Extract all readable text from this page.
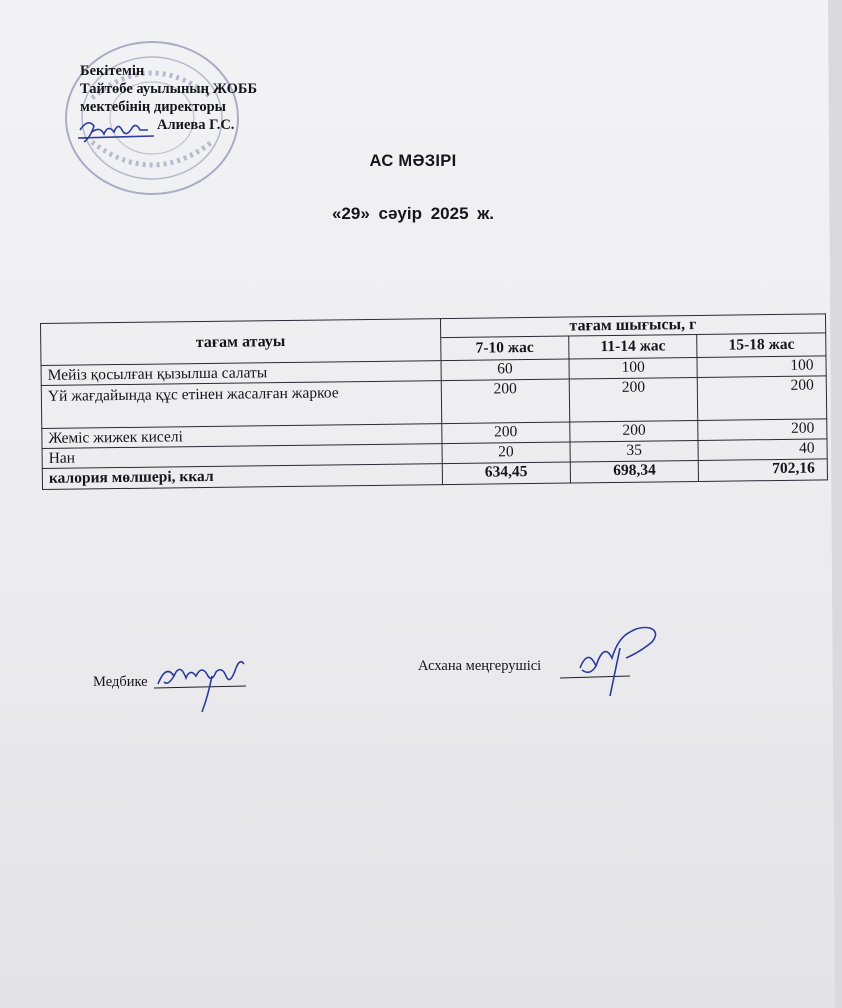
Бекітемін
Тайтөбе ауылының ЖОББ
мектебінің директоры
Алиева Г.С.
АС МӘЗІРІ
«29» сәуір 2025 ж.
тағам атауы	тағам шығысы, г		
	7-10 жас	11-14 жас	15-18 жас
Мейіз қосылған қызылша салаты	60	100	100
Үй жағдайында құс етінен жасалған жаркое	200	200	200
Жеміс жижек киселі	200	200	200
Нан	20	35	40
калория мөлшері, ккал	634,45	698,34	702,16
Медбике
Асхана меңгерушісі
